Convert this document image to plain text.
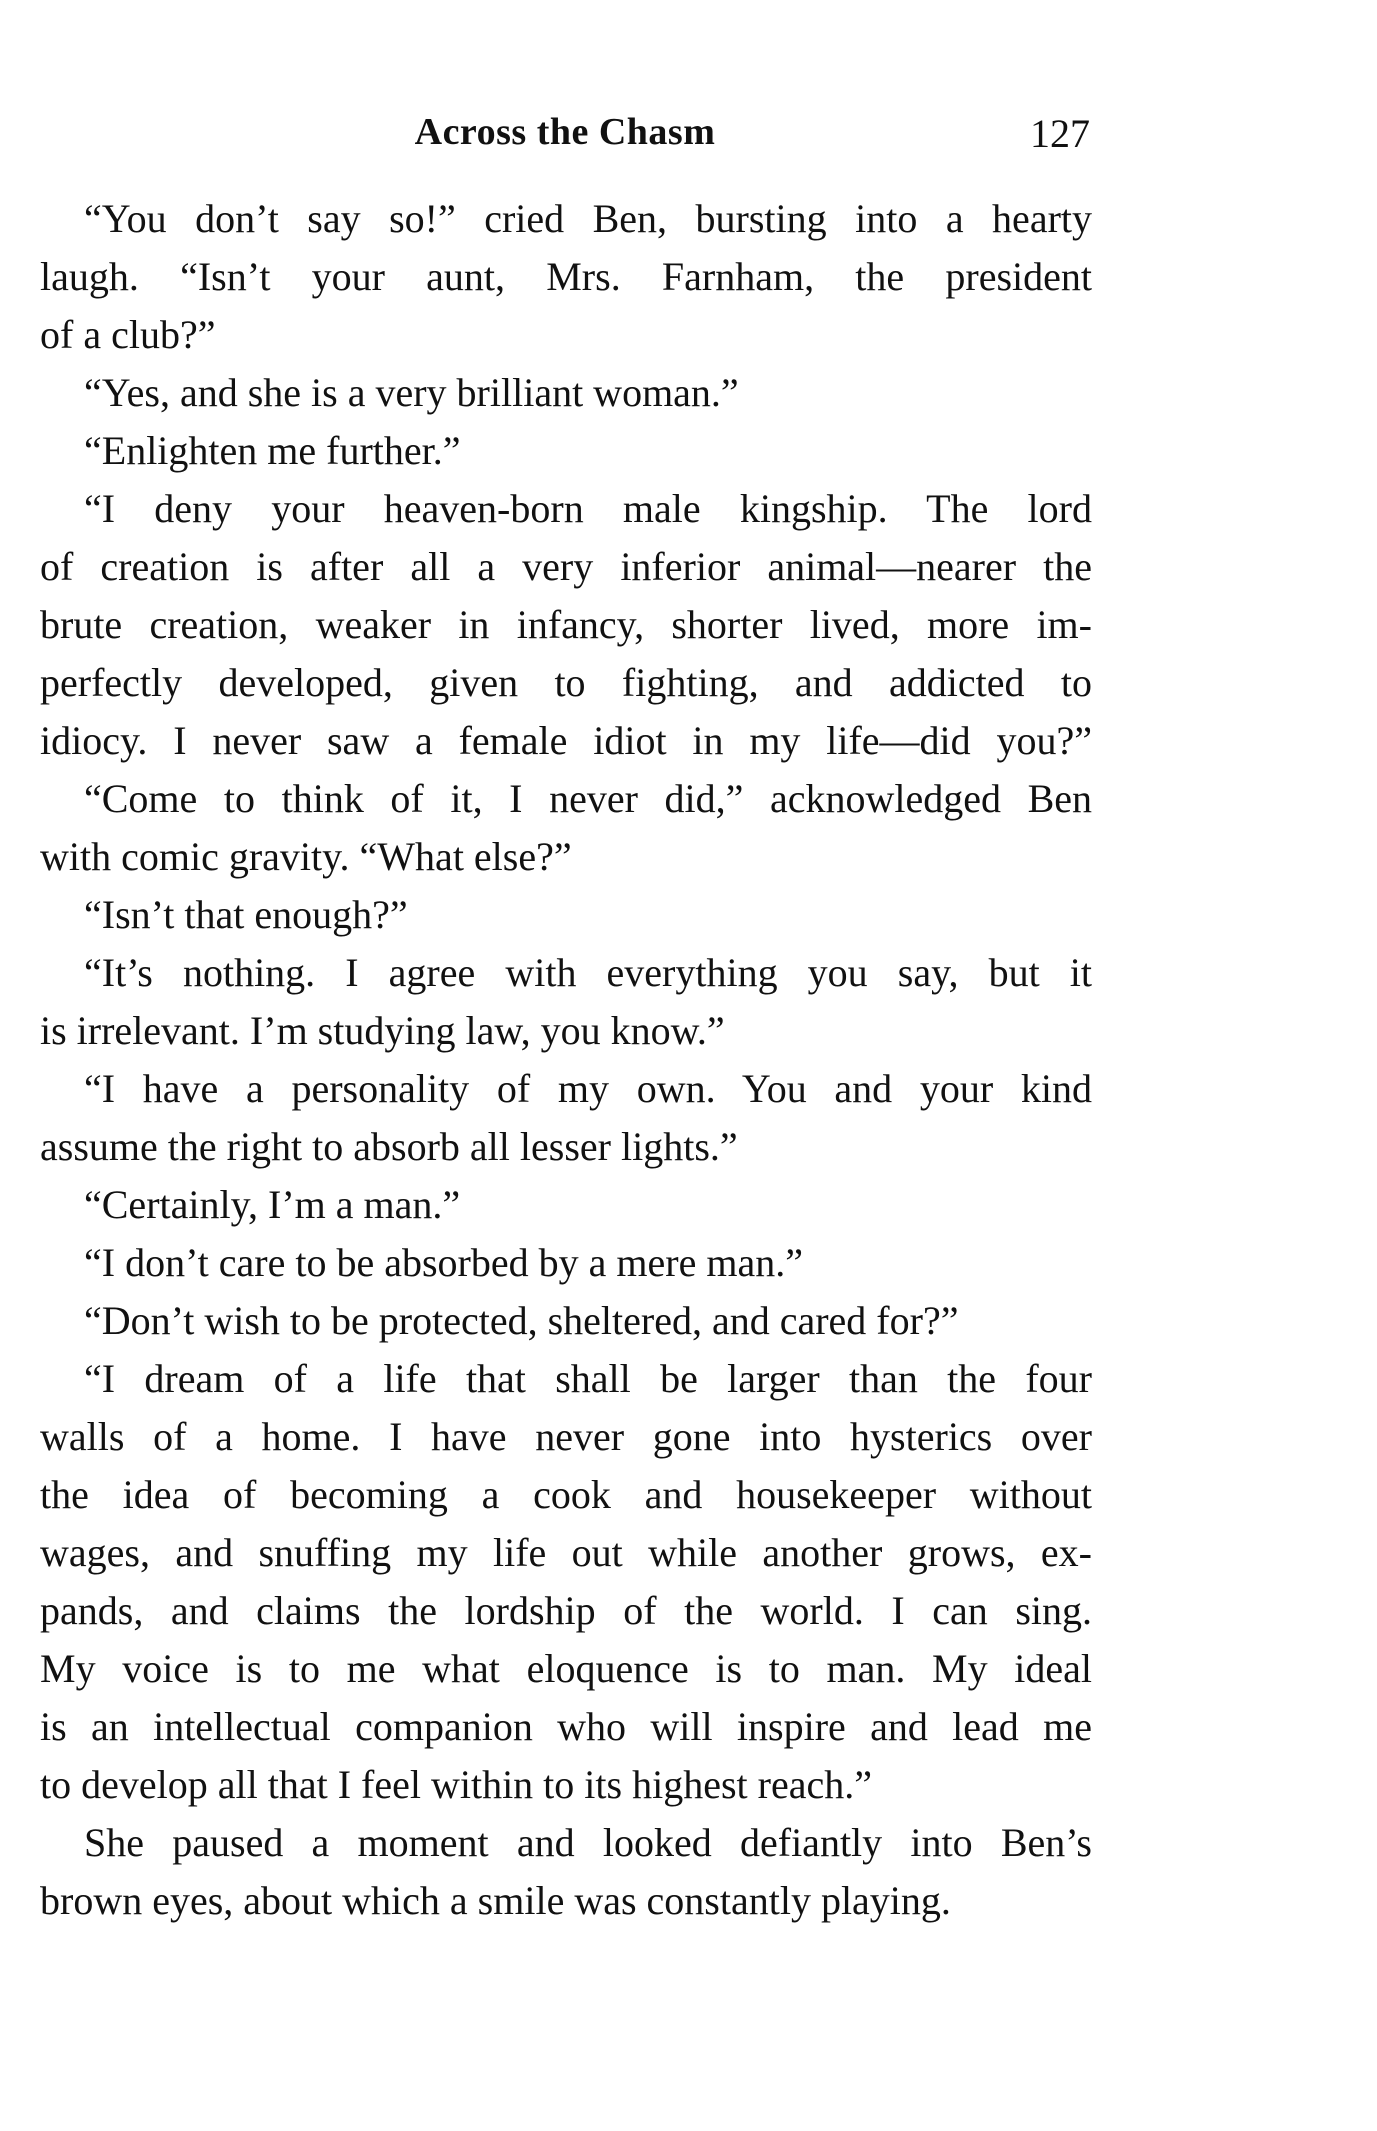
Across the Chasm	127
“You don’t say so!” cried Ben, bursting into a hearty
laugh. “Isn’t your aunt, Mrs. Farnham, the president
of a club?”
“Yes, and she is a very brilliant woman.”
“Enlighten me further.”
“I deny your heaven-born male kingship. The lord
of creation is after all a very inferior animal—nearer the
brute creation, weaker in infancy, shorter lived, more im-
perfectly developed, given to fighting, and addicted to
idiocy. I never saw a female idiot in my life—did you?”
“Come to think of it, I never did,” acknowledged Ben
with comic gravity. “What else?”
“Isn’t that enough?”
“It’s nothing. I agree with everything you say, but it
is irrelevant. I’m studying law, you know.”
“I have a personality of my own. You and your kind
assume the right to absorb all lesser lights.”
“Certainly, I’m a man.”
“I don’t care to be absorbed by a mere man.”
“Don’t wish to be protected, sheltered, and cared for?”
“I dream of a life that shall be larger than the four
walls of a home. I have never gone into hysterics over
the idea of becoming a cook and housekeeper without
wages, and snuffing my life out while another grows, ex-
pands, and claims the lordship of the world. I can sing.
My voice is to me what eloquence is to man. My ideal
is an intellectual companion who will inspire and lead me
to develop all that I feel within to its highest reach.”
She paused a moment and looked defiantly into Ben’s
brown eyes, about which a smile was constantly playing.
